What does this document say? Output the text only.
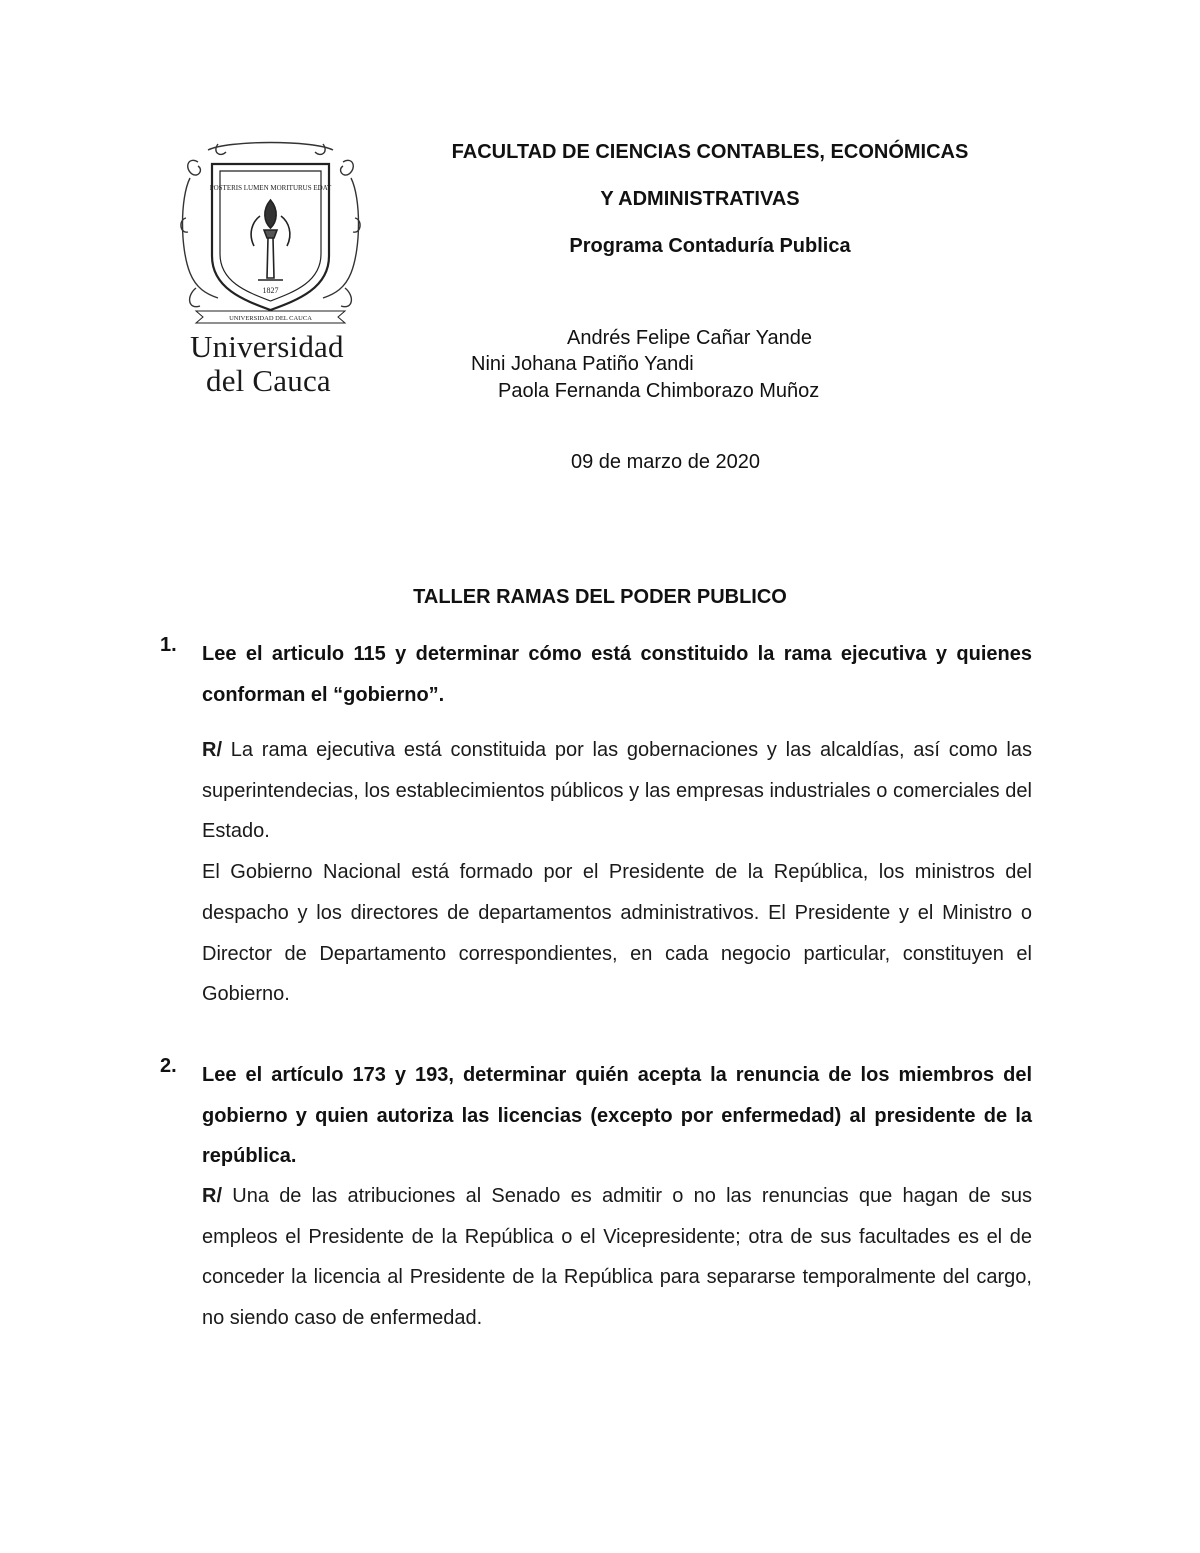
POSTERIS LUMEN MORITURUS EDAT
1827
UNIVERSIDAD DEL CAUCA
Universidad
del Cauca
FACULTAD DE CIENCIAS CONTABLES, ECONÓMICAS
Y ADMINISTRATIVAS
Programa Contaduría Publica
Andrés Felipe Cañar Yande
Nini Johana Patiño Yandi
Paola Fernanda Chimborazo Muñoz
09 de marzo de 2020
TALLER RAMAS DEL PODER PUBLICO
1. Lee el articulo 115 y determinar cómo está constituido la rama ejecutiva y quienes conforman el “gobierno”.

R/ La rama ejecutiva está constituida por las gobernaciones y las alcaldías, así como las superintendecias, los establecimientos públicos y las empresas industriales o comerciales del Estado.

El Gobierno Nacional está formado por el Presidente de la República, los ministros del despacho y los directores de departamentos administrativos. El Presidente y el Ministro o Director de Departamento correspondientes, en cada negocio particular, constituyen el Gobierno.

2. Lee el artículo 173 y 193, determinar quién acepta la renuncia de los miembros del gobierno y quien autoriza las licencias (excepto por enfermedad) al presidente de la república.

R/ Una de las atribuciones al Senado es admitir o no las renuncias que hagan de sus empleos el Presidente de la República o el Vicepresidente; otra de sus facultades es el de conceder la licencia al Presidente de la República para separarse temporalmente del cargo, no siendo caso de enfermedad.
